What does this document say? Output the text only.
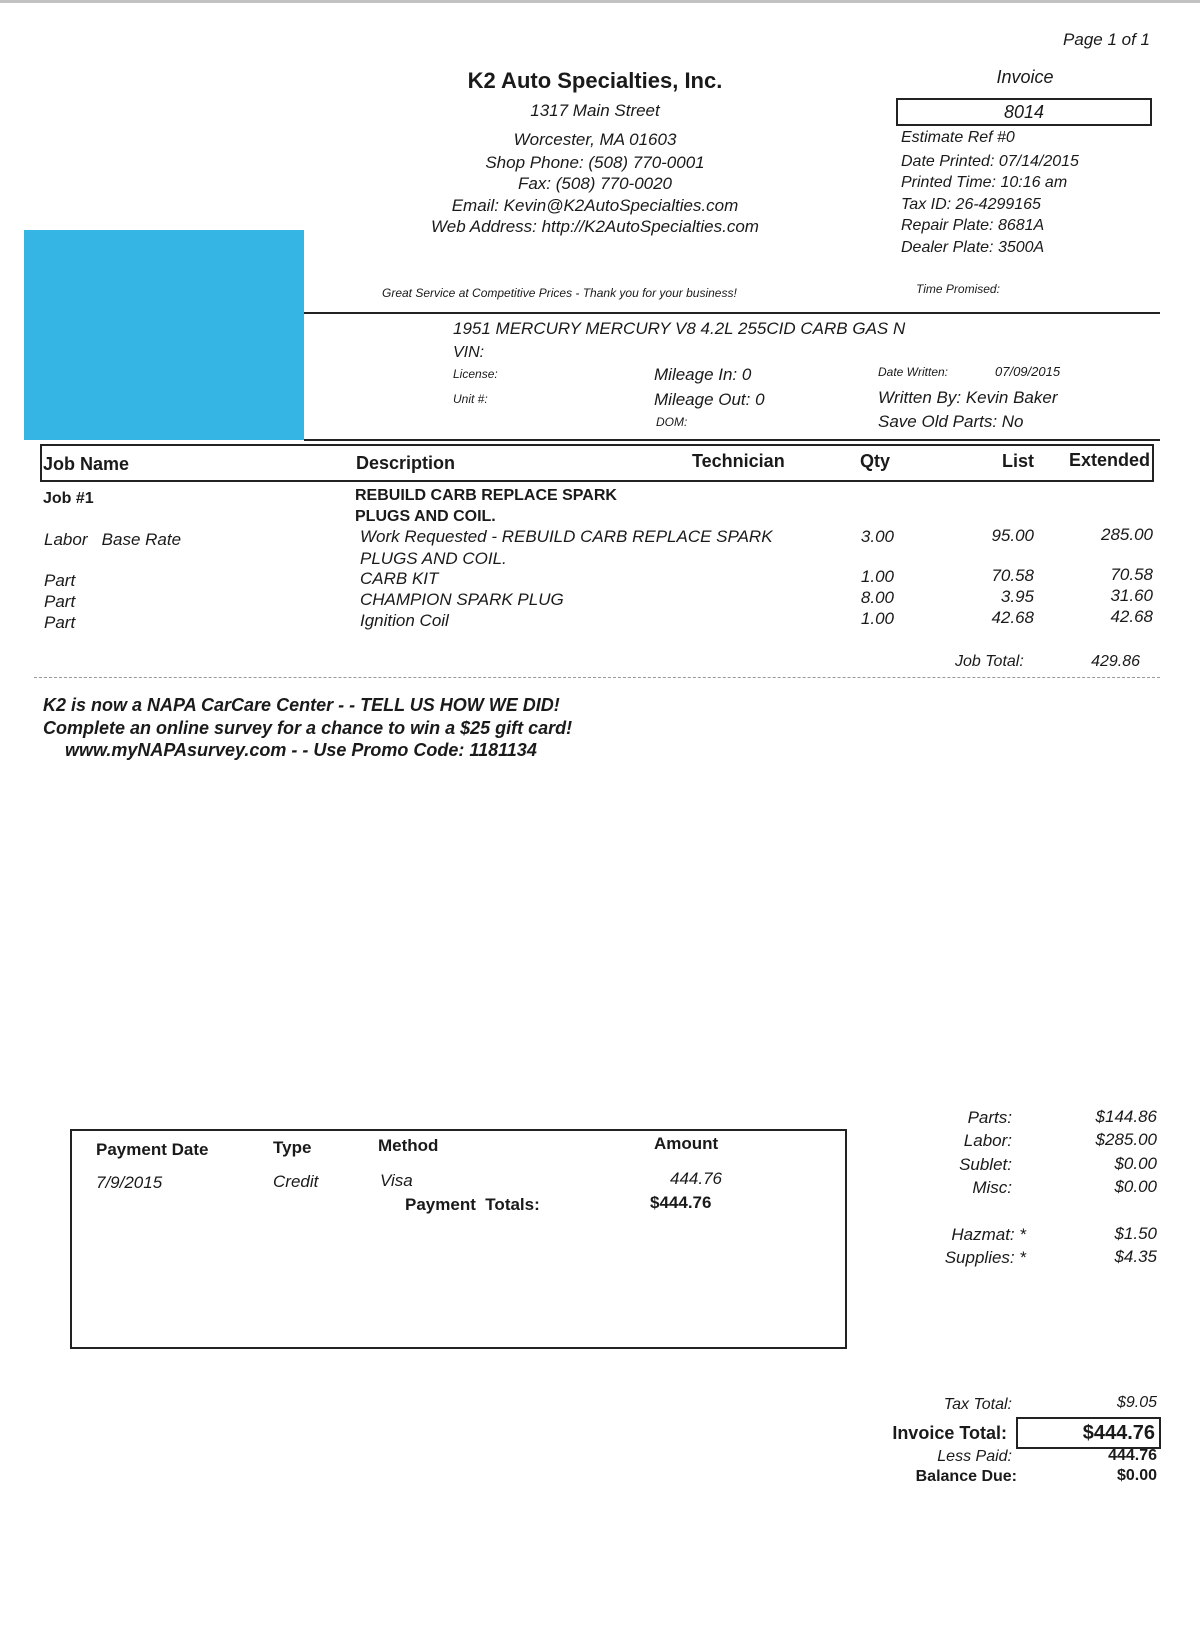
Page 1 of 1
K2 Auto Specialties, Inc.
1317 Main Street
Worcester, MA 01603
Shop Phone: (508) 770-0001
Fax: (508) 770-0020
Email: Kevin@K2AutoSpecialties.com
Web Address: http://K2AutoSpecialties.com
Great Service at Competitive Prices - Thank you for your business!
Invoice
8014
Estimate Ref #0
Date Printed: 07/14/2015
Printed Time: 10:16 am
Tax ID: 26-4299165
Repair Plate: 8681A
Dealer Plate: 3500A
Time Promised:
1951 MERCURY MERCURY V8 4.2L 255CID CARB GAS N
VIN:
License:
Unit #:
Mileage In: 0
Mileage Out: 0
DOM:
Date Written:	07/09/2015
Written By: Kevin Baker
Save Old Parts: No
Job Name	Description	Technician	Qty	List	Extended
Job #1	REBUILD CARB REPLACE SPARK
PLUGS AND COIL.
Labor   Base Rate	Work Requested - REBUILD CARB REPLACE SPARK
PLUGS AND COIL.
3.00	95.00	285.00
Part	CARB KIT	1.00	70.58	70.58
Part	CHAMPION SPARK PLUG	8.00	3.95	31.60
Part	Ignition Coil	1.00	42.68	42.68
Job Total:	429.86
K2 is now a NAPA CarCare Center - - TELL US HOW WE DID!
Complete an online survey for a chance to win a $25 gift card!
www.myNAPAsurvey.com - - Use Promo Code: 1181134
Payment Date	Type	Method	Amount
7/9/2015	Credit	Visa	444.76
Payment  Totals:	$444.76
Parts:	$144.86
Labor:	$285.00
Sublet:	$0.00
Misc:	$0.00
Hazmat: *	$1.50
Supplies: *	$4.35
Tax Total:	$9.05
Invoice Total:	$444.76
Less Paid:	444.76
Balance Due:	$0.00
